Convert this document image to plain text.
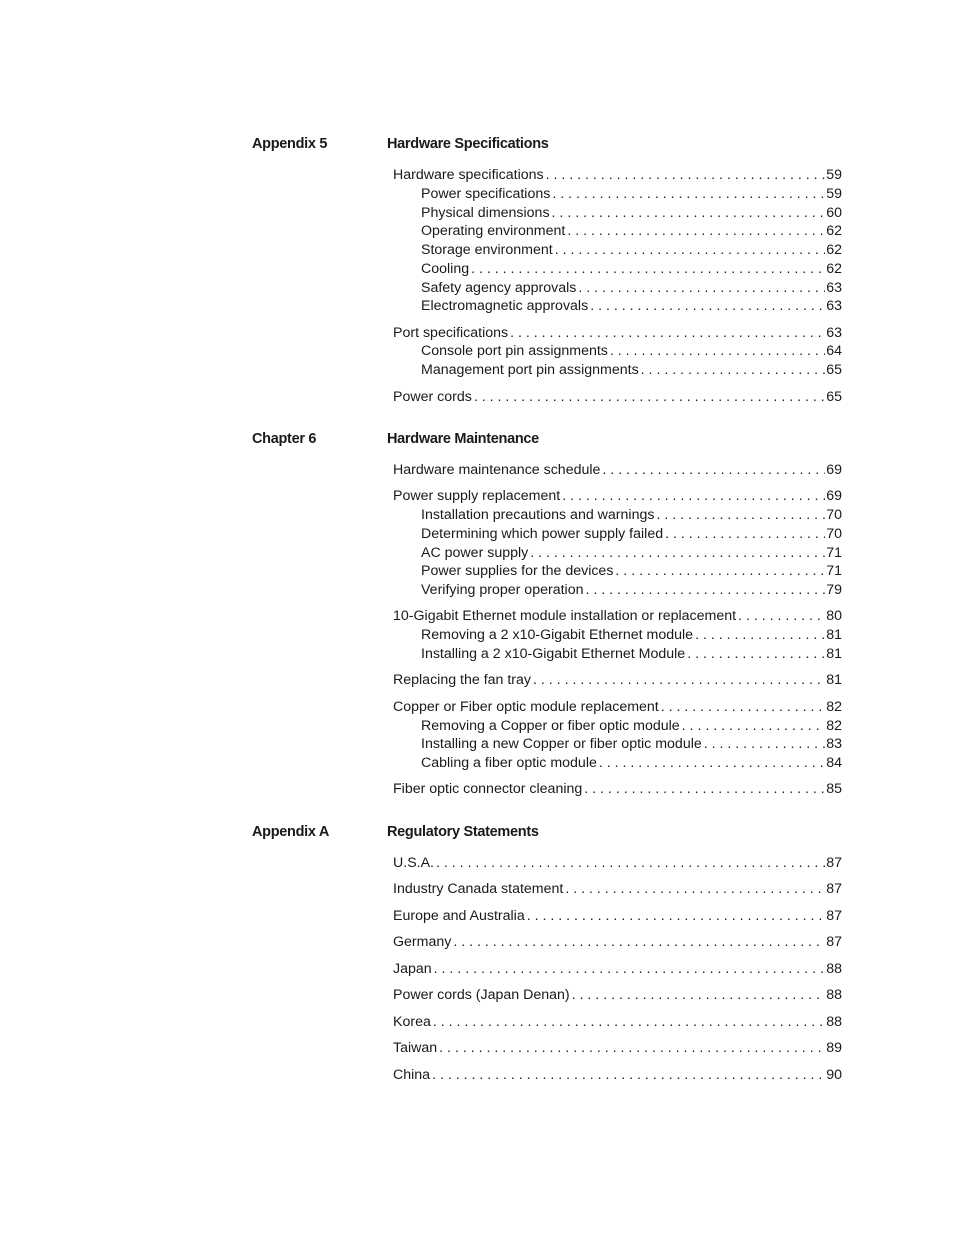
Appendix 5	Hardware Specifications
Hardware specifications . . .	59
Power specifications . . .	59
Physical dimensions . . .	60
Operating environment . . .	62
Storage environment . . .	62
Cooling . . .	62
Safety agency approvals . . .	63
Electromagnetic approvals . . .	63
Port specifications . . .	63
Console port pin assignments . . .	64
Management port pin assignments . . .	65
Power cords . . .	65
Chapter 6	Hardware Maintenance
Hardware maintenance schedule . . .	69
Power supply replacement . . .	69
Installation precautions and warnings . . .	70
Determining which power supply failed . . .	70
AC power supply . . .	71
Power supplies for the devices . . .	71
Verifying proper operation . . .	79
10-Gigabit Ethernet module installation or replacement . . .	80
Removing a 2 x10-Gigabit Ethernet module . . .	81
Installing a 2 x10-Gigabit Ethernet Module . . .	81
Replacing the fan tray . . .	81
Copper or Fiber optic module replacement . . .	82
Removing a Copper or fiber optic module . . .	82
Installing a new Copper or fiber optic module . . .	83
Cabling a fiber optic module . . .	84
Fiber optic connector cleaning . . .	85
Appendix A	Regulatory Statements
U.S.A. . . .	87
Industry Canada statement . . .	87
Europe and Australia . . .	87
Germany . . .	87
Japan . . .	88
Power cords (Japan Denan) . . .	88
Korea . . .	88
Taiwan . . .	89
China . . .	90
